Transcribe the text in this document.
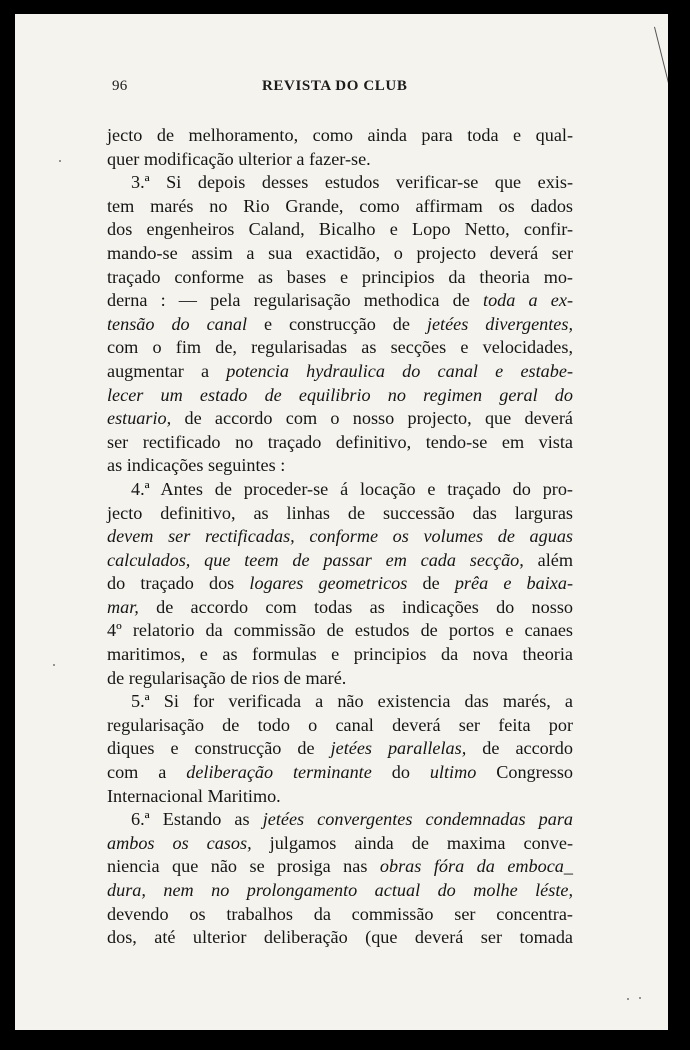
96	REVISTA DO CLUB
jecto de melhoramento, como ainda para toda e qual-
quer modificação ulterior a fazer-se.
3.ª Si depois desses estudos verificar-se que exis-
tem marés no Rio Grande, como affirmam os dados
dos engenheiros Caland, Bicalho e Lopo Netto, confir-
mando-se assim a sua exactidão, o projecto deverá ser
traçado conforme as bases e principios da theoria mo-
derna : — pela regularisação methodica de toda a ex-
tensão do canal e construcção de jetées divergentes,
com o fim de, regularisadas as secções e velocidades,
augmentar a potencia hydraulica do canal e estabe-
lecer um estado de equilibrio no regimen geral do
estuario, de accordo com o nosso projecto, que deverá
ser rectificado no traçado definitivo, tendo-se em vista
as indicações seguintes :
4.ª Antes de proceder-se á locação e traçado do pro-
jecto definitivo, as linhas de successão das larguras
devem ser rectificadas, conforme os volumes de aguas
calculados, que teem de passar em cada secção, além
do traçado dos logares geometricos de prêa e baixa-
mar, de accordo com todas as indicações do nosso
4º relatorio da commissão de estudos de portos e canaes
maritimos, e as formulas e principios da nova theoria
de regularisação de rios de maré.
5.ª Si for verificada a não existencia das marés, a
regularisação de todo o canal deverá ser feita por
diques e construcção de jetées parallelas, de accordo
com a deliberação terminante do ultimo Congresso
Internacional Maritimo.
6.ª Estando as jetées convergentes condemnadas para
ambos os casos, julgamos ainda de maxima conve-
niencia que não se prosiga nas obras fóra da emboca_
dura, nem no prolongamento actual do molhe léste,
devendo os trabalhos da commissão ser concentra-
dos, até ulterior deliberação (que deverá ser tomada
